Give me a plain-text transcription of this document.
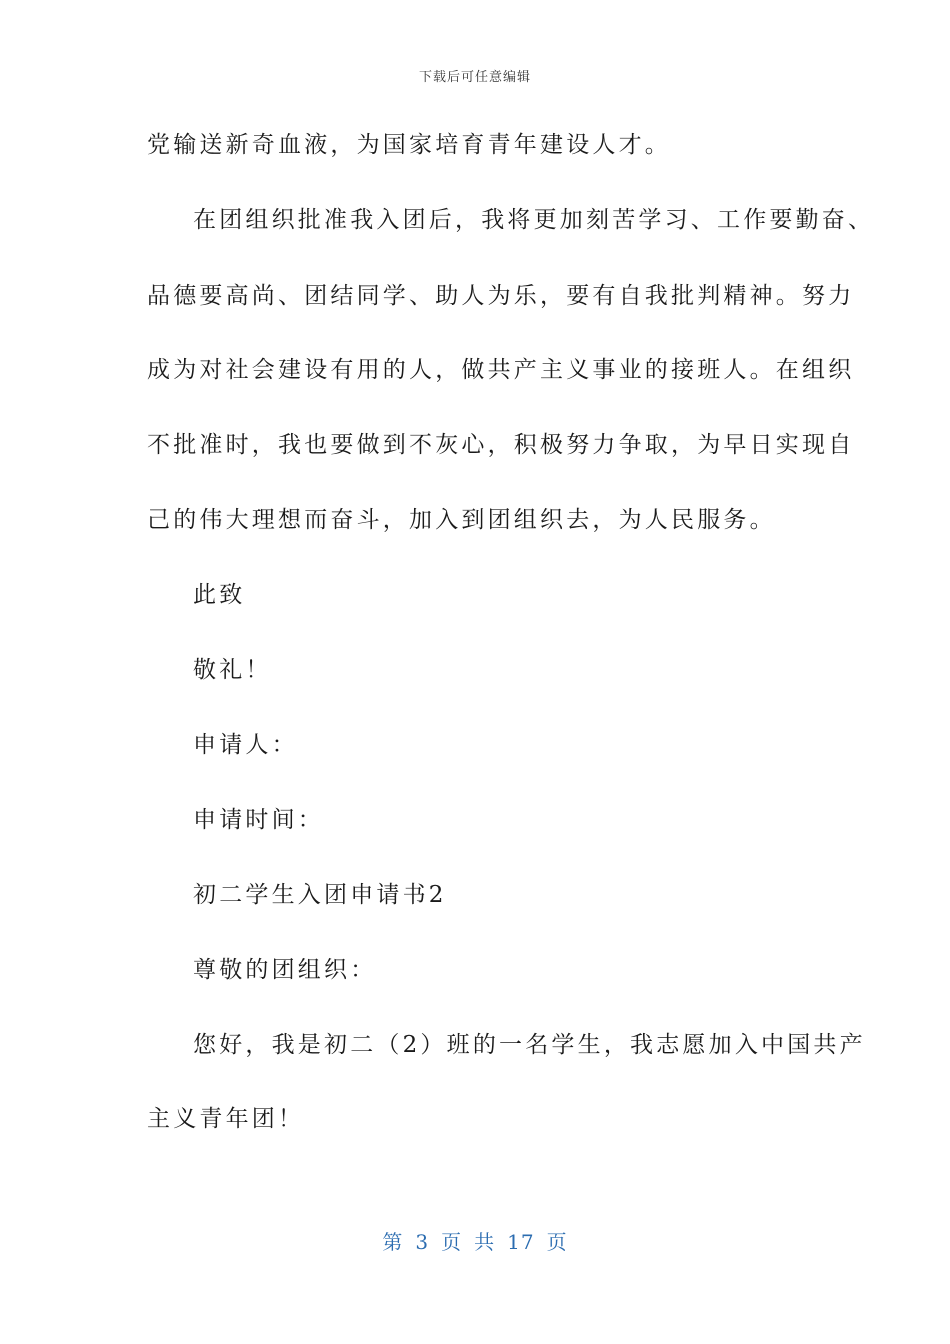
下载后可任意编辑
党输送新奇血液，为国家培育青年建设人才。
在团组织批准我入团后，我将更加刻苦学习、工作要勤奋、
品德要高尚、团结同学、助人为乐，要有自我批判精神。努力
成为对社会建设有用的人，做共产主义事业的接班人。在组织
不批准时，我也要做到不灰心，积极努力争取，为早日实现自
己的伟大理想而奋斗，加入到团组织去，为人民服务。
此致
敬礼！
申请人：
申请时间：
初二学生入团申请书2
尊敬的团组织：
您好，我是初二（2）班的一名学生，我志愿加入中国共产
主义青年团！
第 3 页 共 17 页
